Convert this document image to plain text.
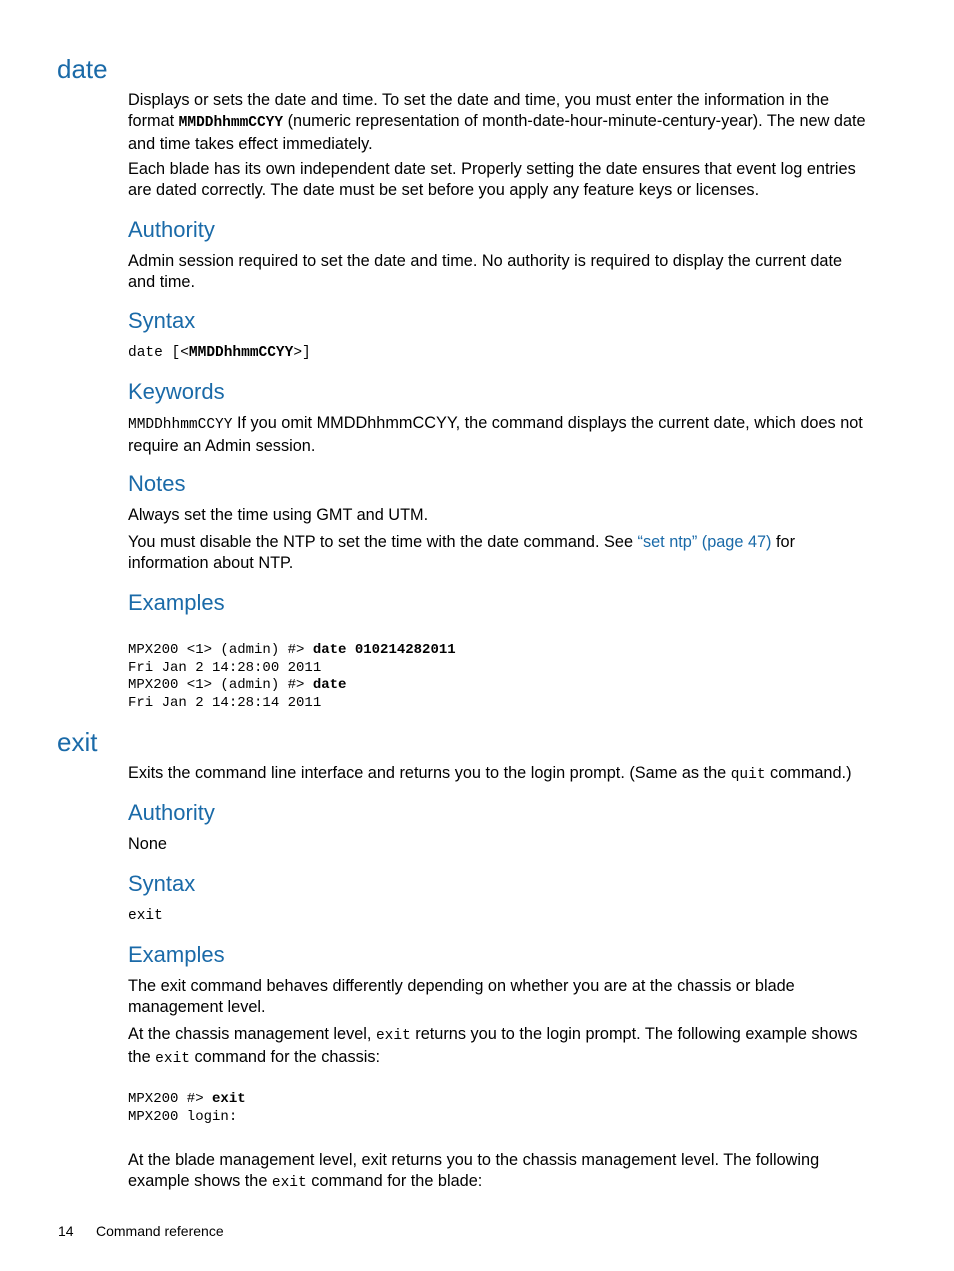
date

Displays or sets the date and time. To set the date and time, you must enter the information in the format MMDDhhmmCCYY (numeric representation of month-date-hour-minute-century-year). The new date and time takes effect immediately.

Each blade has its own independent date set. Properly setting the date ensures that event log entries are dated correctly. The date must be set before you apply any feature keys or licenses.

Authority

Admin session required to set the date and time. No authority is required to display the current date and time.

Syntax

date [<MMDDhhmmCCYY>]

Keywords

MMDDhhmmCCYY If you omit MMDDhhmmCCYY, the command displays the current date, which does not require an Admin session.

Notes

Always set the time using GMT and UTM.

You must disable the NTP to set the time with the date command. See “set ntp” (page 47) for information about NTP.

Examples
MPX200 <1> (admin) #> date 010214282011
Fri Jan 2 14:28:00 2011
MPX200 <1> (admin) #> date
Fri Jan 2 14:28:14 2011
exit

Exits the command line interface and returns you to the login prompt. (Same as the quit command.)

Authority

None

Syntax

exit

Examples

The exit command behaves differently depending on whether you are at the chassis or blade management level.

At the chassis management level, exit returns you to the login prompt. The following example shows the exit command for the chassis:

MPX200 #> exit
MPX200 login:

At the blade management level, exit returns you to the chassis management level. The following example shows the exit command for the blade:

14 Command reference
